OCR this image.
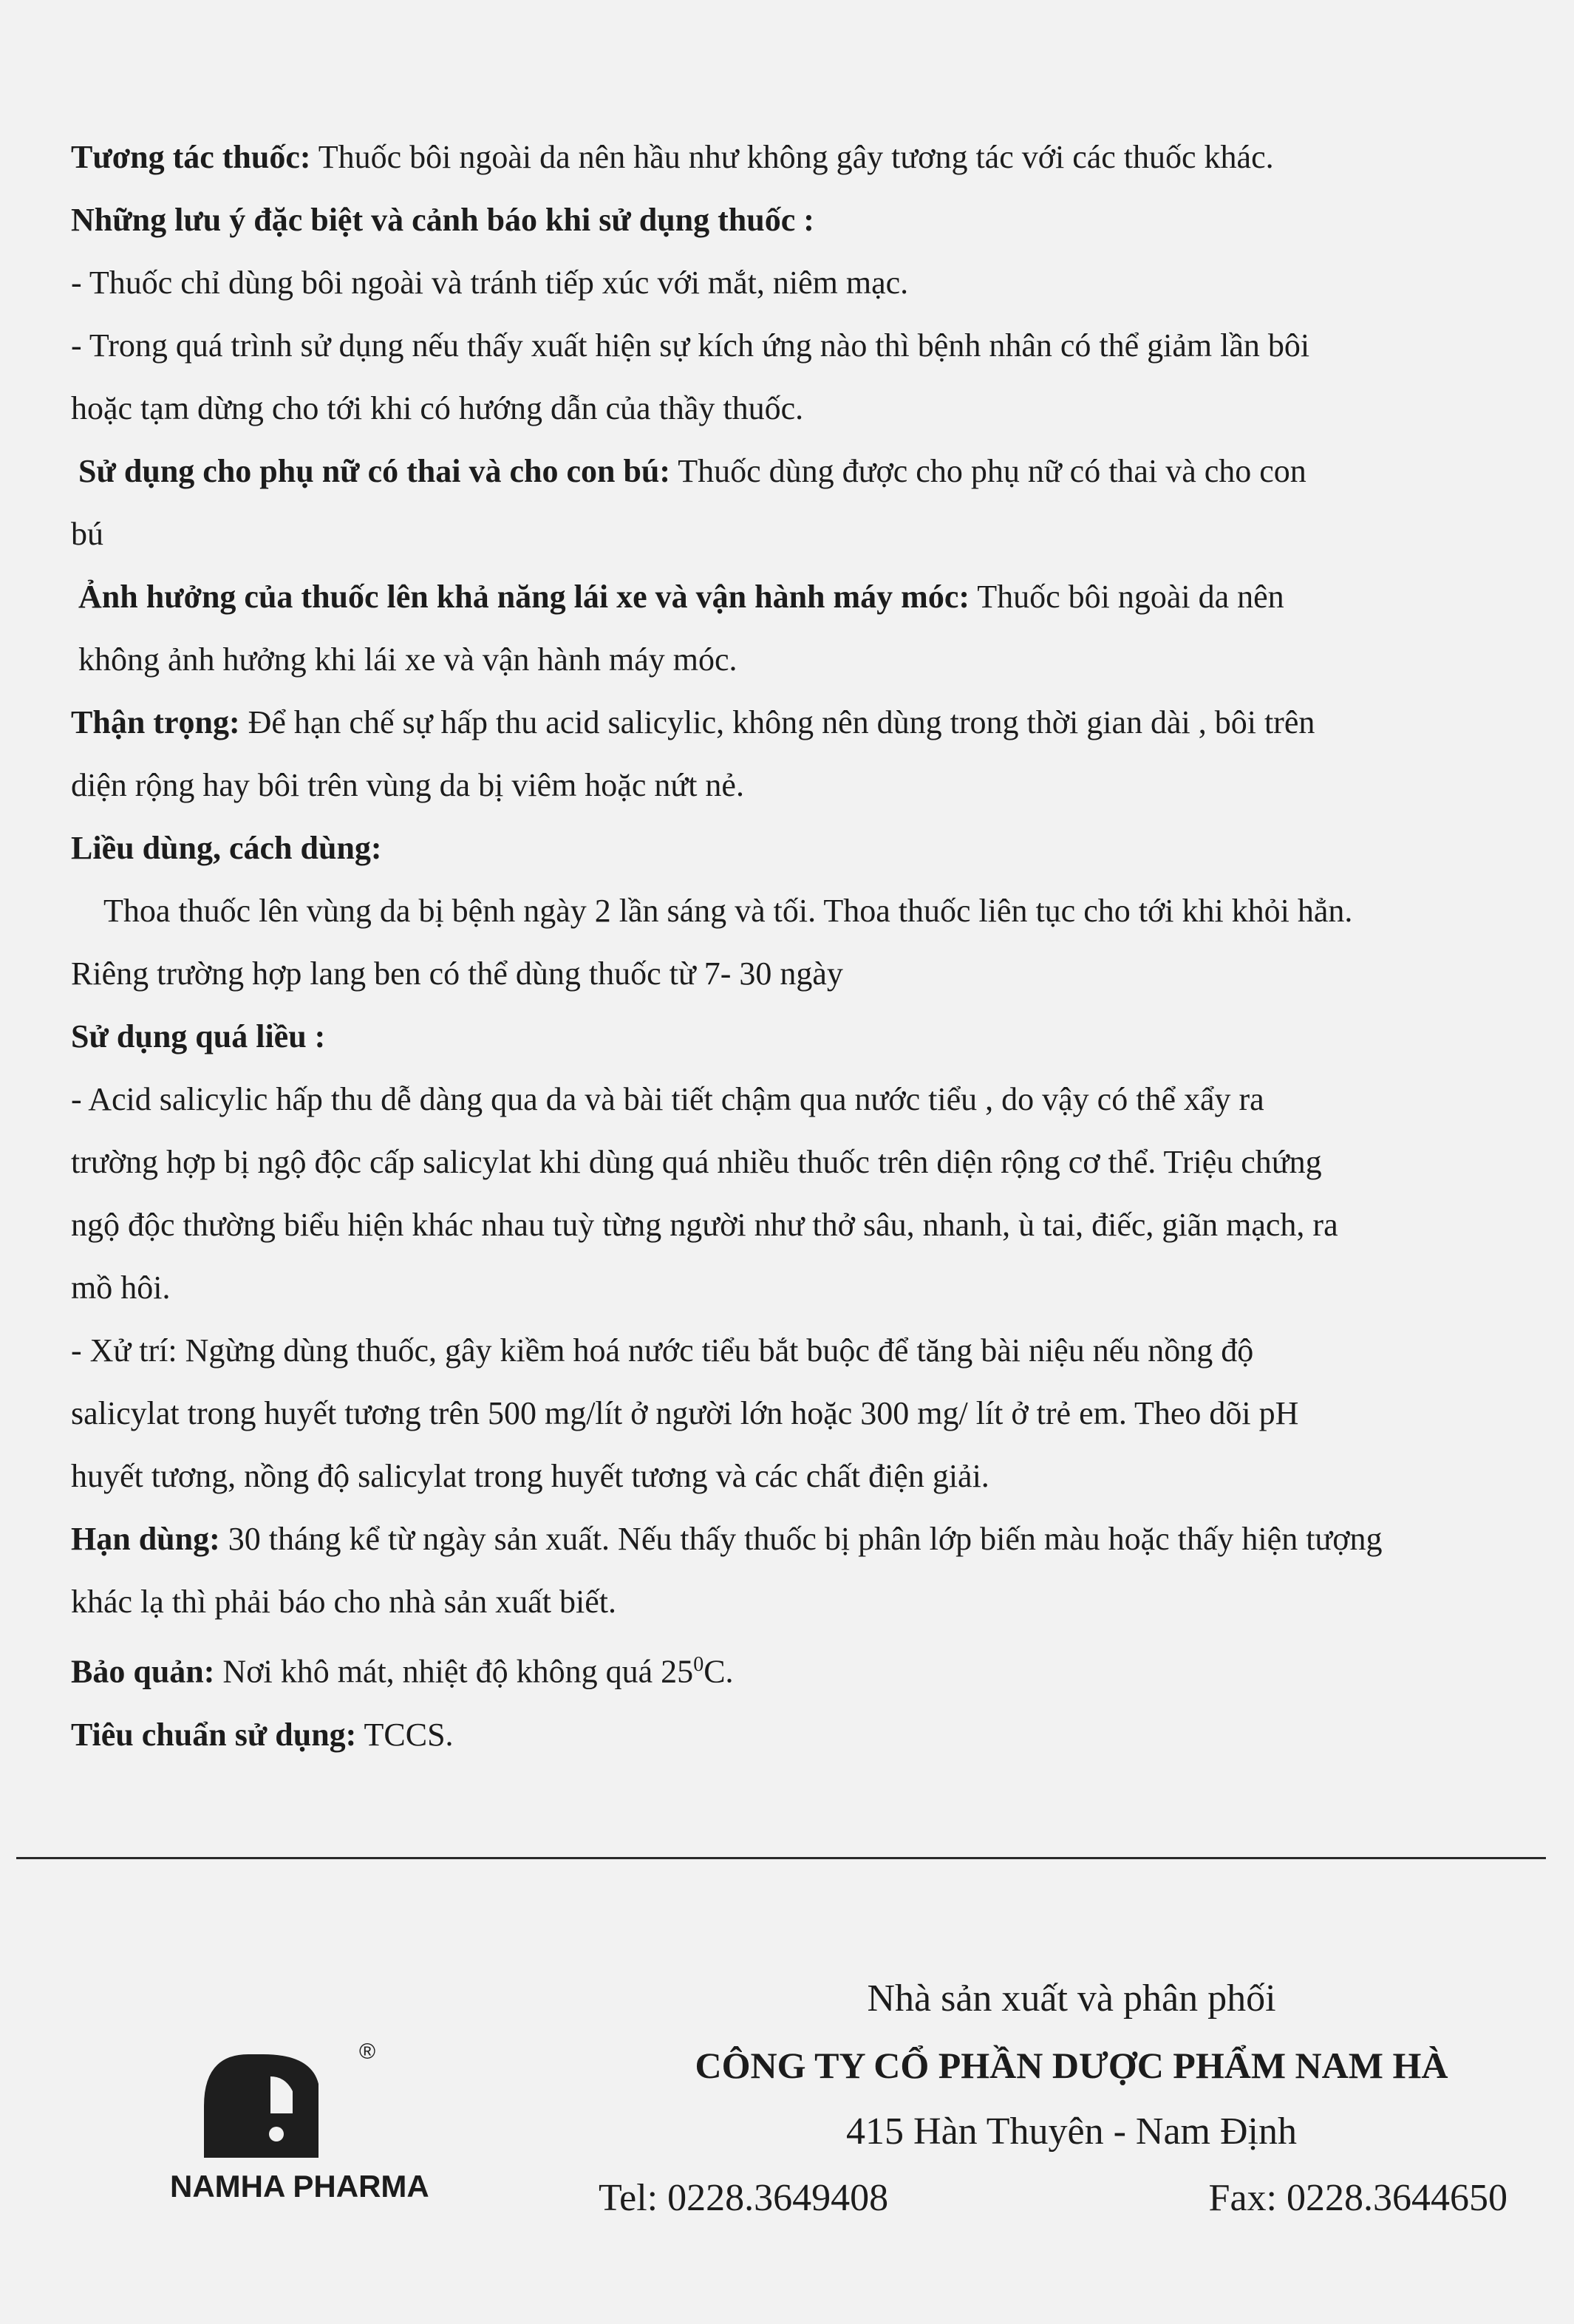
Tương tác thuốc: Thuốc bôi ngoài da nên hầu như không gây tương tác với các thuốc khác.

Những lưu ý đặc biệt và cảnh báo khi sử dụng thuốc :

- Thuốc chỉ dùng bôi ngoài và tránh tiếp xúc với mắt, niêm mạc.

- Trong quá trình sử dụng nếu thấy xuất hiện sự kích ứng nào thì bệnh nhân có thể giảm lần bôi

hoặc tạm dừng cho tới khi có hướng dẫn của thầy thuốc.

Sử dụng cho phụ nữ có thai và cho con bú: Thuốc dùng được cho phụ nữ có thai và cho con

bú

Ảnh hưởng của thuốc lên khả năng lái xe và vận hành máy móc: Thuốc bôi ngoài da nên

không ảnh hưởng khi lái xe và vận hành máy móc.

Thận trọng: Để hạn chế sự hấp thu acid salicylic, không nên dùng trong thời gian dài , bôi trên

diện rộng hay bôi trên vùng da bị viêm hoặc nứt nẻ.

Liều dùng, cách dùng:

Thoa thuốc lên vùng da bị bệnh ngày 2 lần sáng và tối. Thoa thuốc liên tục cho tới khi khỏi hẳn.

Riêng trường hợp lang ben có thể dùng thuốc từ 7- 30 ngày

Sử dụng quá liều :

- Acid salicylic hấp thu dễ dàng qua da và bài tiết chậm qua nước tiểu , do vậy có thể xẩy ra

trường hợp bị ngộ độc cấp salicylat khi dùng quá nhiều thuốc trên diện rộng cơ thể. Triệu chứng

ngộ độc thường biểu hiện khác nhau tuỳ từng người như thở sâu, nhanh, ù tai, điếc, giãn mạch, ra

mồ hôi.

- Xử trí: Ngừng dùng thuốc, gây kiềm hoá nước tiểu bắt buộc để tăng bài niệu nếu nồng độ

salicylat trong huyết tương trên 500 mg/lít ở người lớn hoặc 300 mg/ lít ở trẻ em. Theo dõi pH

huyết tương, nồng độ salicylat trong huyết tương và các chất điện giải.

Hạn dùng: 30 tháng kể từ ngày sản xuất. Nếu thấy thuốc bị phân lớp biến màu hoặc thấy hiện tượng

khác lạ thì phải báo cho nhà sản xuất biết.

Bảo quản: Nơi khô mát, nhiệt độ không quá $25^0C$.

Tiêu chuẩn sử dụng: TCCS.

®
NAMHA PHARMA
Nhà sản xuất và phân phối
CÔNG TY CỔ PHẦN DƯỢC PHẨM NAM HÀ
415 Hàn Thuyên - Nam Định
Tel: 0228.3649408	Fax: 0228.3644650
